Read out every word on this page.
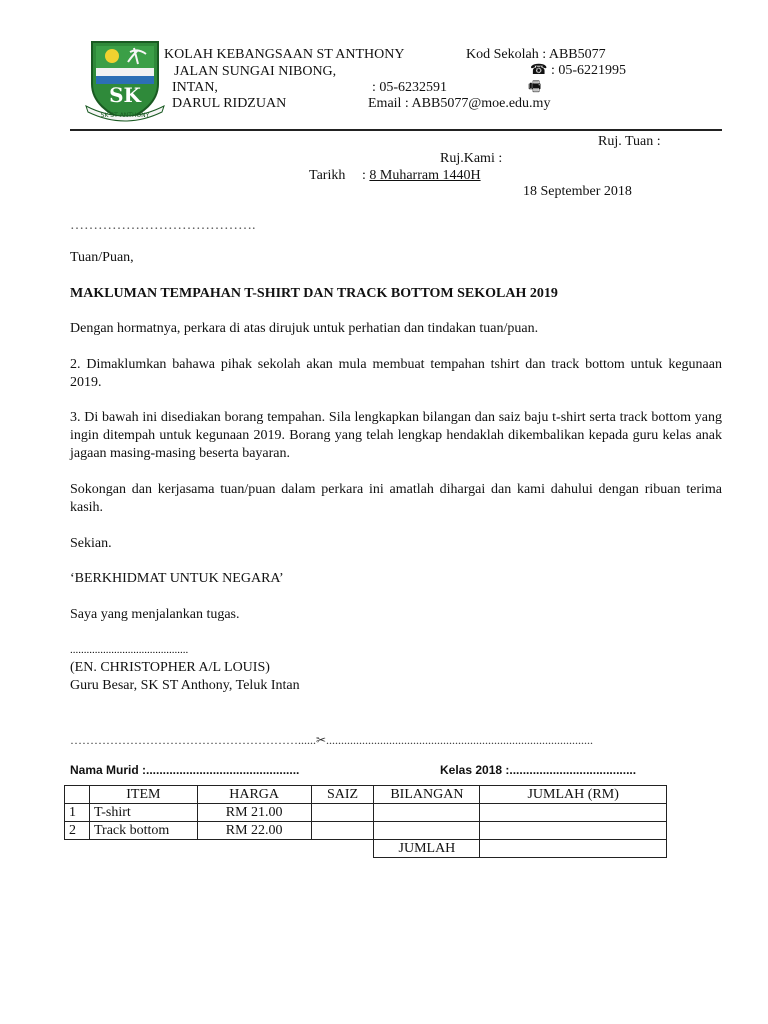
SK
SK ST ANTHONY
KOLAH KEBANGSAAN ST ANTHONY
JALAN SUNGAI NIBONG,
INTAN,
DARUL RIDZUAN
Kod Sekolah : ABB5077
☎ : 05-6221995
: 05-6232591	🖷
Email : ABB5077@moe.edu.my
Ruj. Tuan :
Ruj.Kami :
Tarikh : 8 Muharram 1440H
18 September 2018
………………………………….
Tuan/Puan,
MAKLUMAN TEMPAHAN T-SHIRT DAN TRACK BOTTOM SEKOLAH 2019
Dengan hormatnya, perkara di atas dirujuk untuk perhatian dan tindakan tuan/puan.
2. Dimaklumkan bahawa pihak sekolah akan mula membuat tempahan tshirt dan track bottom untuk kegunaan 2019.
3. Di bawah ini disediakan borang tempahan. Sila lengkapkan bilangan dan saiz baju t-shirt serta track bottom yang ingin ditempah untuk kegunaan 2019. Borang yang telah lengkap hendaklah dikembalikan kepada guru kelas anak jagaan masing-masing beserta bayaran.
Sokongan dan kerjasama tuan/puan dalam perkara ini amatlah dihargai dan kami dahului dengan ribuan terima kasih.
Sekian.
‘BERKHIDMAT UNTUK NEGARA’
Saya yang menjalankan tugas.
...........................................
(EN. CHRISTOPHER A/L LOUIS)
Guru Besar, SK ST Anthony, Teluk Intan
…………………………………………………......✂.........................................................................................
Nama Murid :..............................................	Kelas 2018 :......................................
	ITEM	HARGA	SAIZ	BILANGAN	JUMLAH (RM)
1	T-shirt	RM 21.00			
2	Track bottom	RM 22.00			
				JUMLAH	
